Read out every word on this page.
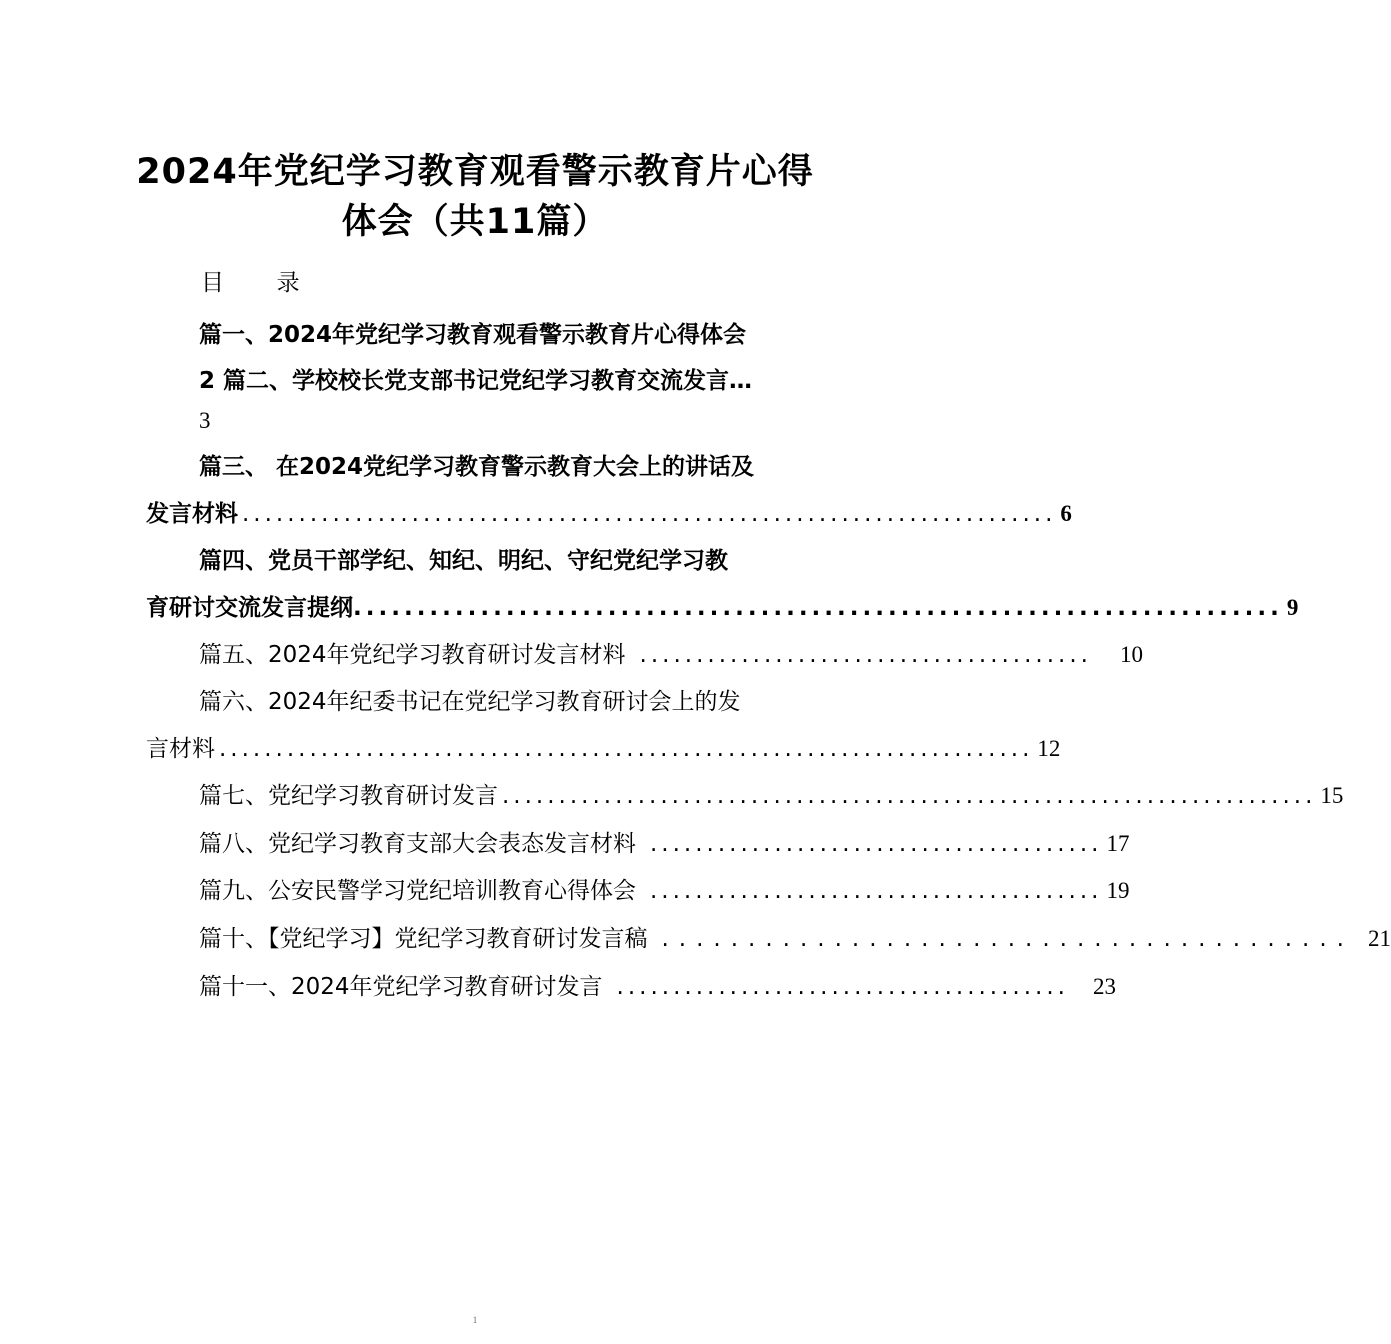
2024年党纪学习教育观看警示教育片心得
体会（共11篇）
目 录
篇一、2024年党纪学习教育观看警示教育片心得体会
2 篇二、学校校长党支部书记党纪学习教育交流发言…
3
篇三、 在2024党纪学习教育警示教育大会上的讲话及
发言材料 ........................................................................ 6
篇四、党员干部学纪、知纪、明纪、守纪党纪学习教
育研讨交流发言提纲. ........................................................................ 9
篇五、2024年党纪学习教育研讨发言材料 ........................................ 10
篇六、2024年纪委书记在党纪学习教育研讨会上的发
言材料 ........................................................................ 12
篇七、党纪学习教育研讨发言 ........................................................................ 15
篇八、党纪学习教育支部大会表态发言材料 ........................................ 17
篇九、公安民警学习党纪培训教育心得体会 ........................................ 19
篇十、【党纪学习】党纪学习教育研讨发言稿 ........................................ 21
篇十一、2024年党纪学习教育研讨发言 ........................................ 23
1
